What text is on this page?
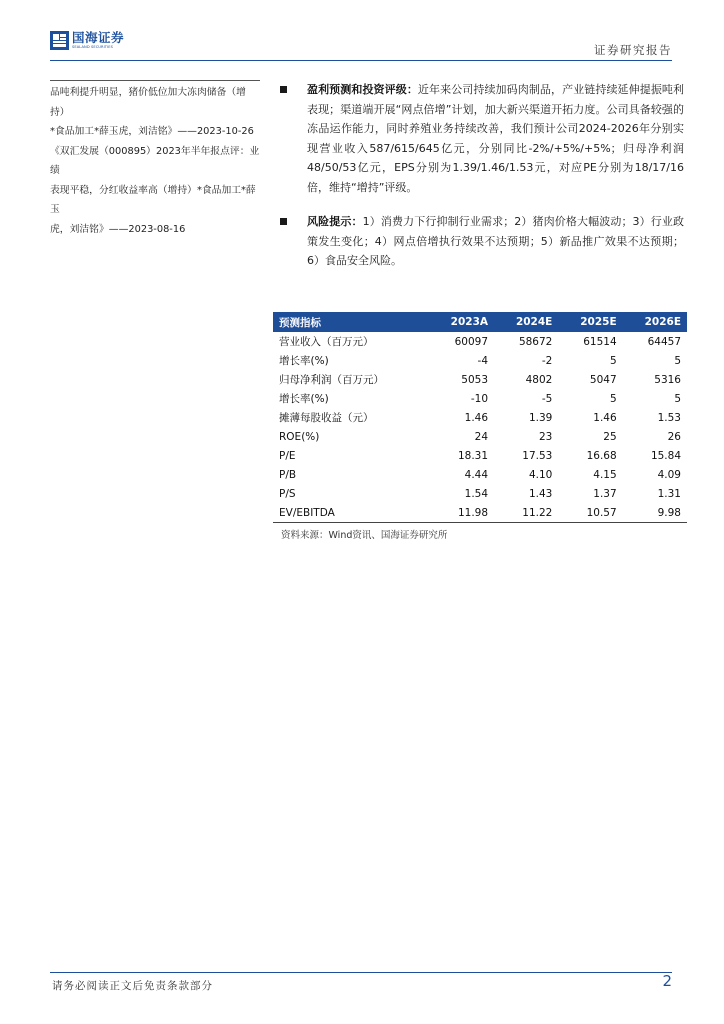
国海证券
SEALAND SECURITIES	证券研究报告
品吨利提升明显，猪价低位加大冻肉储备（增持）
*食品加工*薛玉虎，刘洁铭》——2023-10-26
《双汇发展（000895）2023年半年报点评：业绩
表现平稳，分红收益率高（增持）*食品加工*薛玉
虎，刘洁铭》——2023-08-16
盈利预测和投资评级：近年来公司持续加码肉制品，产业链持续延伸提振吨利表现；渠道端开展“网点倍增”计划，加大新兴渠道开拓力度。公司具备较强的冻品运作能力，同时养殖业务持续改善，我们预计公司2024-2026年分别实现营业收入587/615/645亿元，分别同比-2%/+5%/+5%；归母净利润48/50/53亿元，EPS分别为1.39/1.46/1.53元，对应PE分别为18/17/16倍，维持“增持”评级。
风险提示：1）消费力下行抑制行业需求；2）猪肉价格大幅波动；3）行业政策发生变化；4）网点倍增执行效果不达预期；5）新品推广效果不达预期；6）食品安全风险。
预测指标	2023A	2024E	2025E	2026E
营业收入（百万元）	60097	58672	61514	64457
增长率(%)	-4	-2	5	5
归母净利润（百万元）	5053	4802	5047	5316
增长率(%)	-10	-5	5	5
摊薄每股收益（元）	1.46	1.39	1.46	1.53
ROE(%)	24	23	25	26
P/E	18.31	17.53	16.68	15.84
P/B	4.44	4.10	4.15	4.09
P/S	1.54	1.43	1.37	1.31
EV/EBITDA	11.98	11.22	10.57	9.98
资料来源：Wind资讯、国海证券研究所
请务必阅读正文后免责条款部分	2
